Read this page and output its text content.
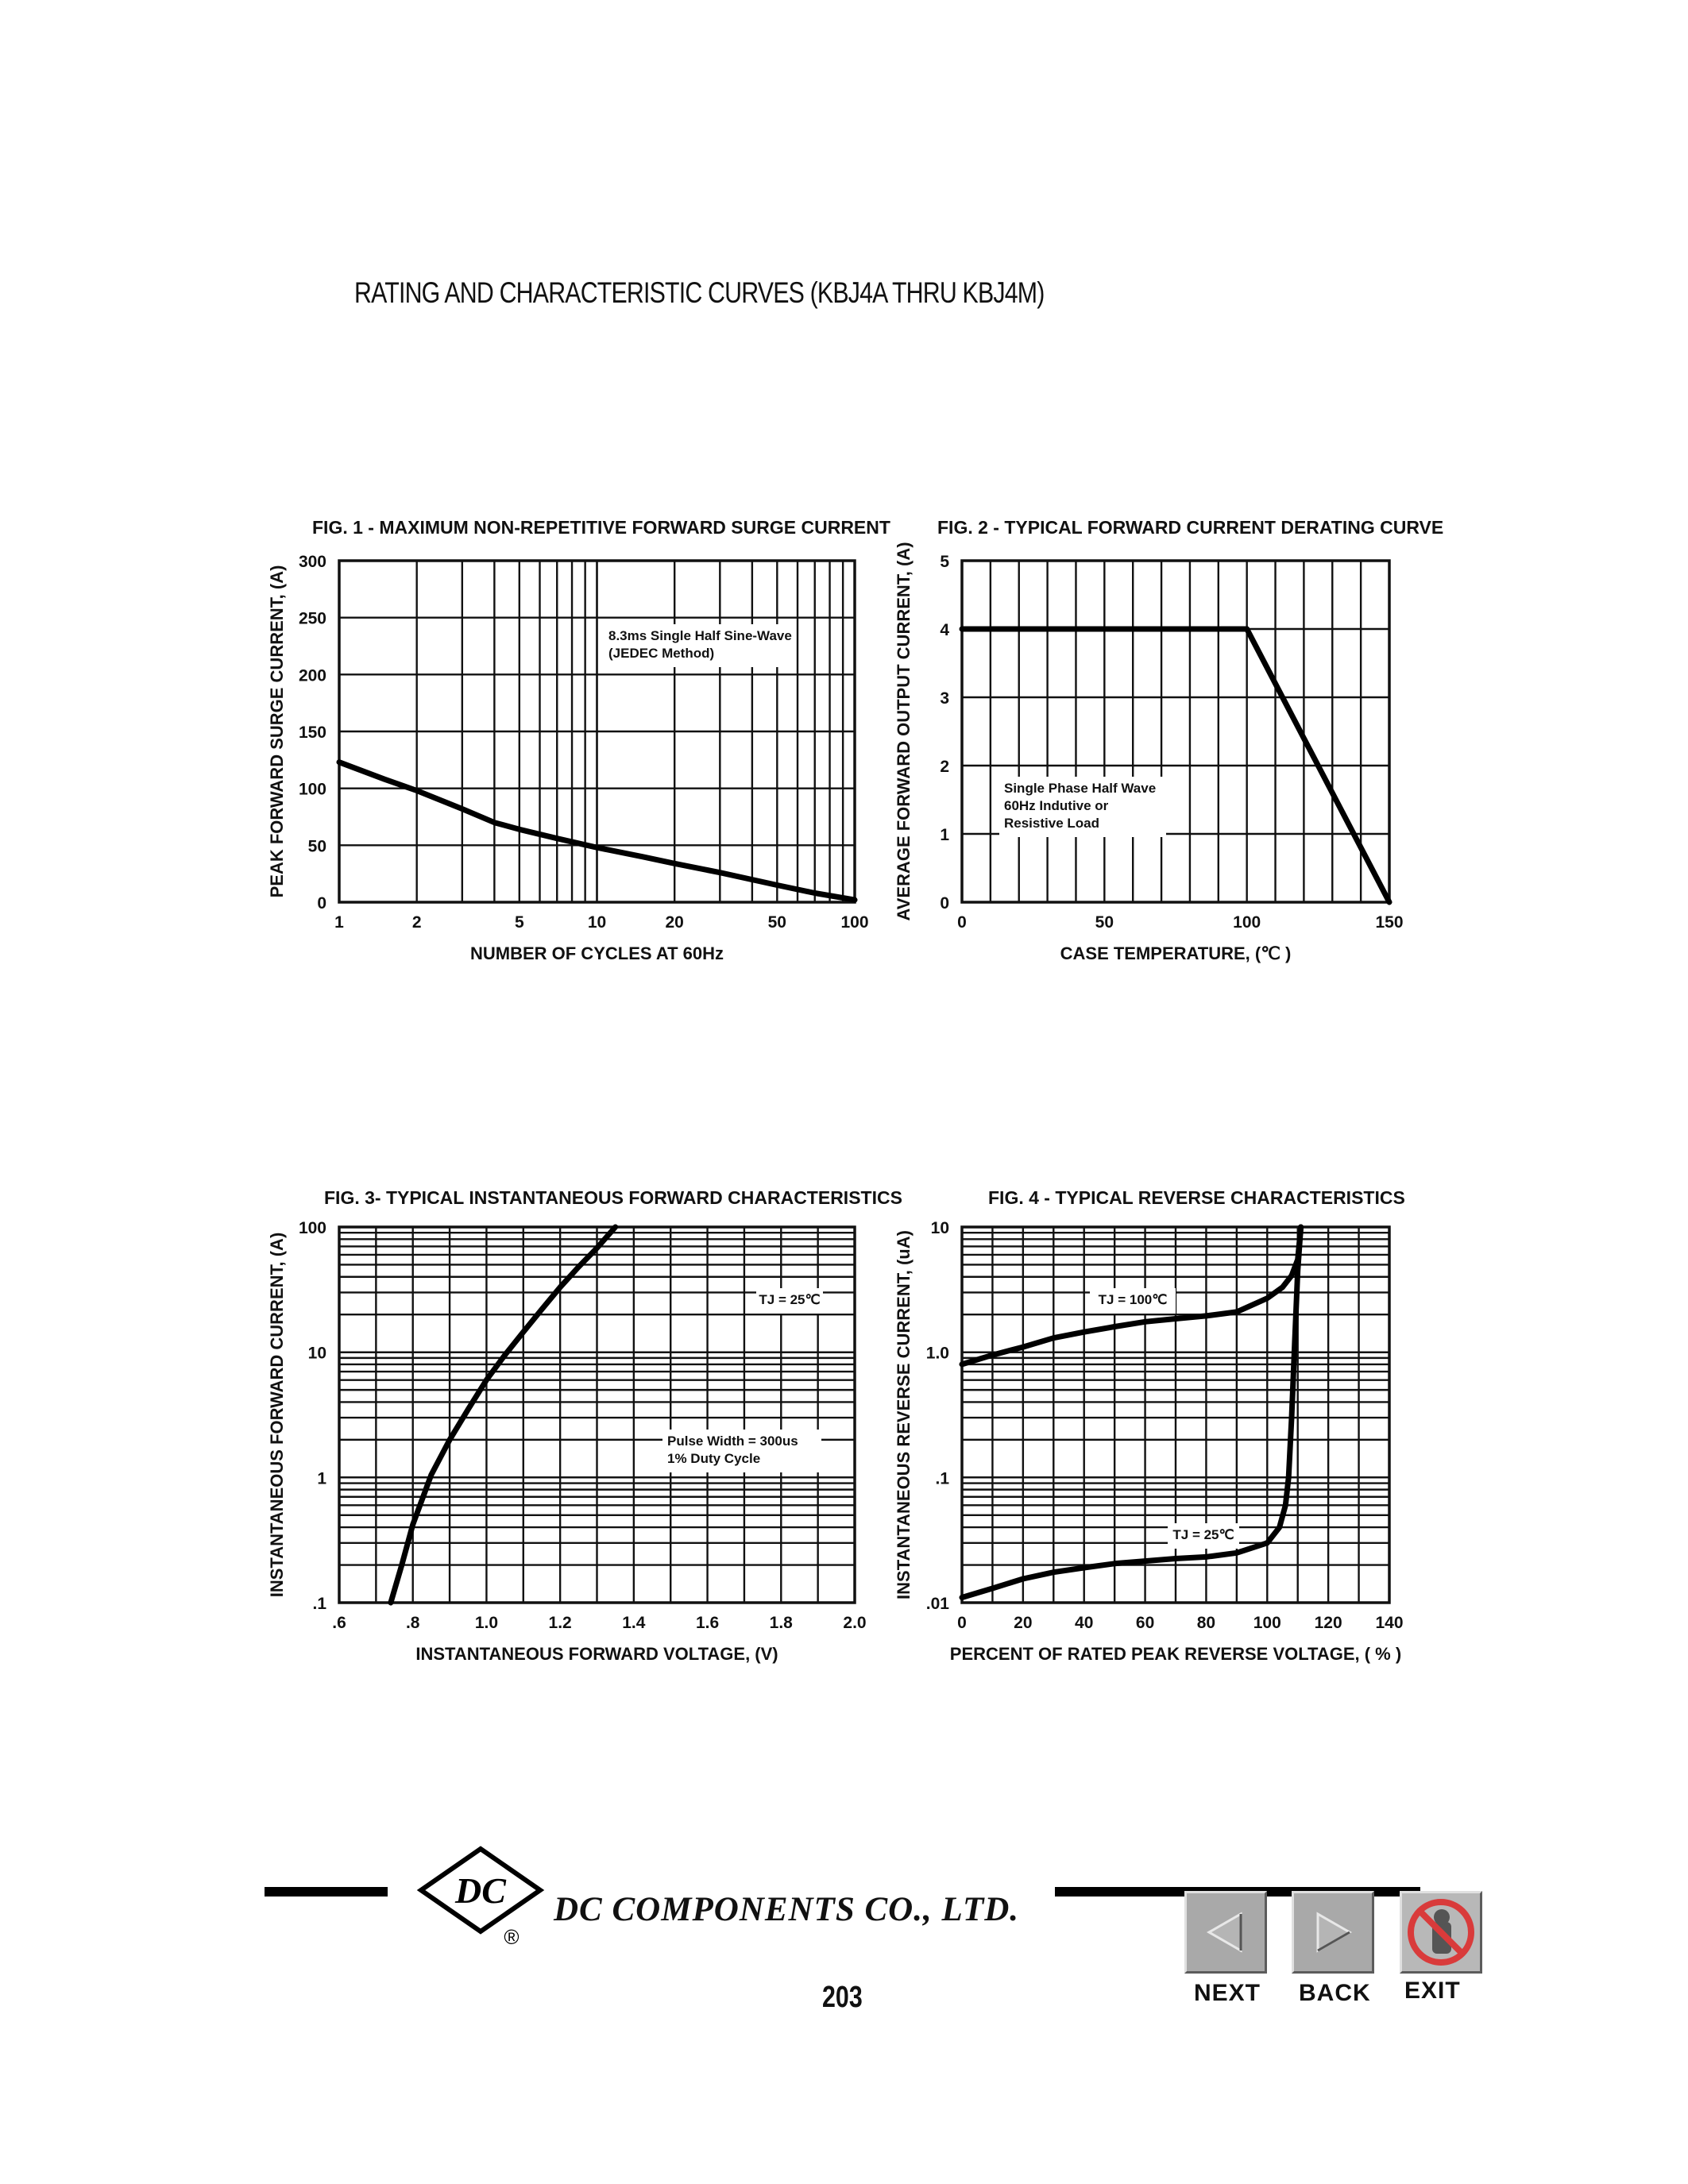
RATING AND CHARACTERISTIC CURVES (KBJ4A THRU KBJ4M)
FIG. 1 - MAXIMUM NON-REPETITIVE FORWARD SURGE CURRENT	FIG. 2 - TYPICAL FORWARD CURRENT DERATING CURVE
FIG. 3- TYPICAL INSTANTANEOUS FORWARD CHARACTERISTICS	FIG. 4 - TYPICAL REVERSE CHARACTERISTICS
1	2	5	10	20	50	100
0
50
100
150
200
250
300
NUMBER OF CYCLES AT 60Hz
PEAK FORWARD SURGE CURRENT, (A)	8.3ms Single Half Sine-Wave
(JEDEC Method)
0	50	100	150
0
1
2
3
4
5
CASE TEMPERATURE, (℃ )
AVERAGE FORWARD OUTPUT CURRENT, (A)	Single Phase Half Wave
60Hz Indutive or
Resistive Load
.6	.8	1.0	1.2	1.4	1.6	1.8	2.0
.1
1
10
100
INSTANTANEOUS FORWARD VOLTAGE, (V)
INSTANTANEOUS FORWARD CURRENT, (A)	TJ = 25℃
Pulse Width = 300us
1% Duty Cycle
0	20	40	60	80 100 120 140
.01
.1
1.0
10
PERCENT OF RATED PEAK REVERSE VOLTAGE, ( % )
INSTANTANEOUS REVERSE CURRENT, (uA)	TJ = 100℃
TJ = 25℃
DC
®
DC COMPONENTS CO., LTD.
203	NEXT BACK EXIT
